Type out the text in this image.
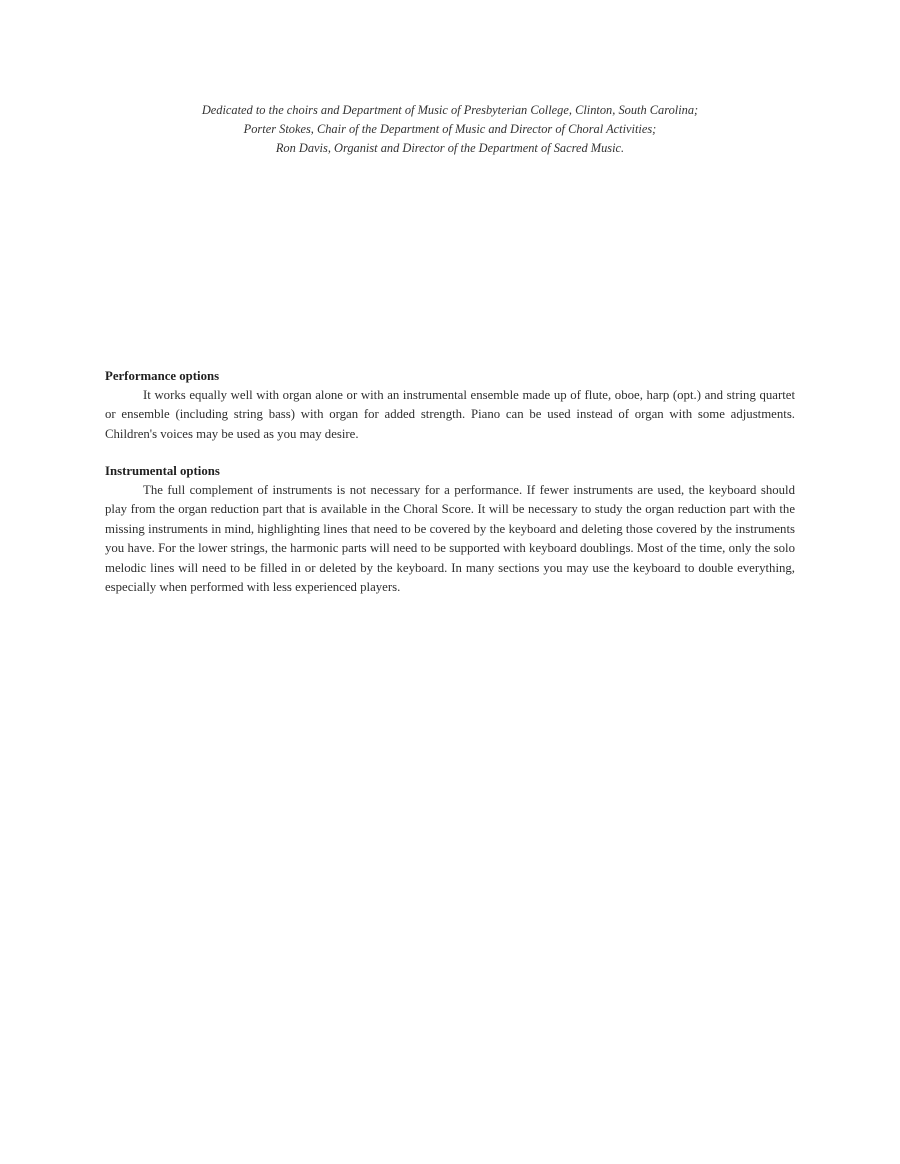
Dedicated to the choirs and Department of Music of Presbyterian College, Clinton, South Carolina;
Porter Stokes, Chair of the Department of Music and Director of Choral Activities;
Ron Davis, Organist and Director of the Department of Sacred Music.

Performance options

It works equally well with organ alone or with an instrumental ensemble made up of flute, oboe, harp (opt.) and string quartet or ensemble (including string bass) with organ for added strength. Piano can be used instead of organ with some adjustments. Children's voices may be used as you may desire.

Instrumental options

The full complement of instruments is not necessary for a performance. If fewer instruments are used, the keyboard should play from the organ reduction part that is available in the Choral Score. It will be necessary to study the organ reduction part with the missing instruments in mind, highlighting lines that need to be covered by the keyboard and deleting those covered by the instruments you have. For the lower strings, the harmonic parts will need to be supported with keyboard doublings. Most of the time, only the solo melodic lines will need to be filled in or deleted by the keyboard. In many sections you may use the keyboard to double everything, especially when performed with less experienced players.
